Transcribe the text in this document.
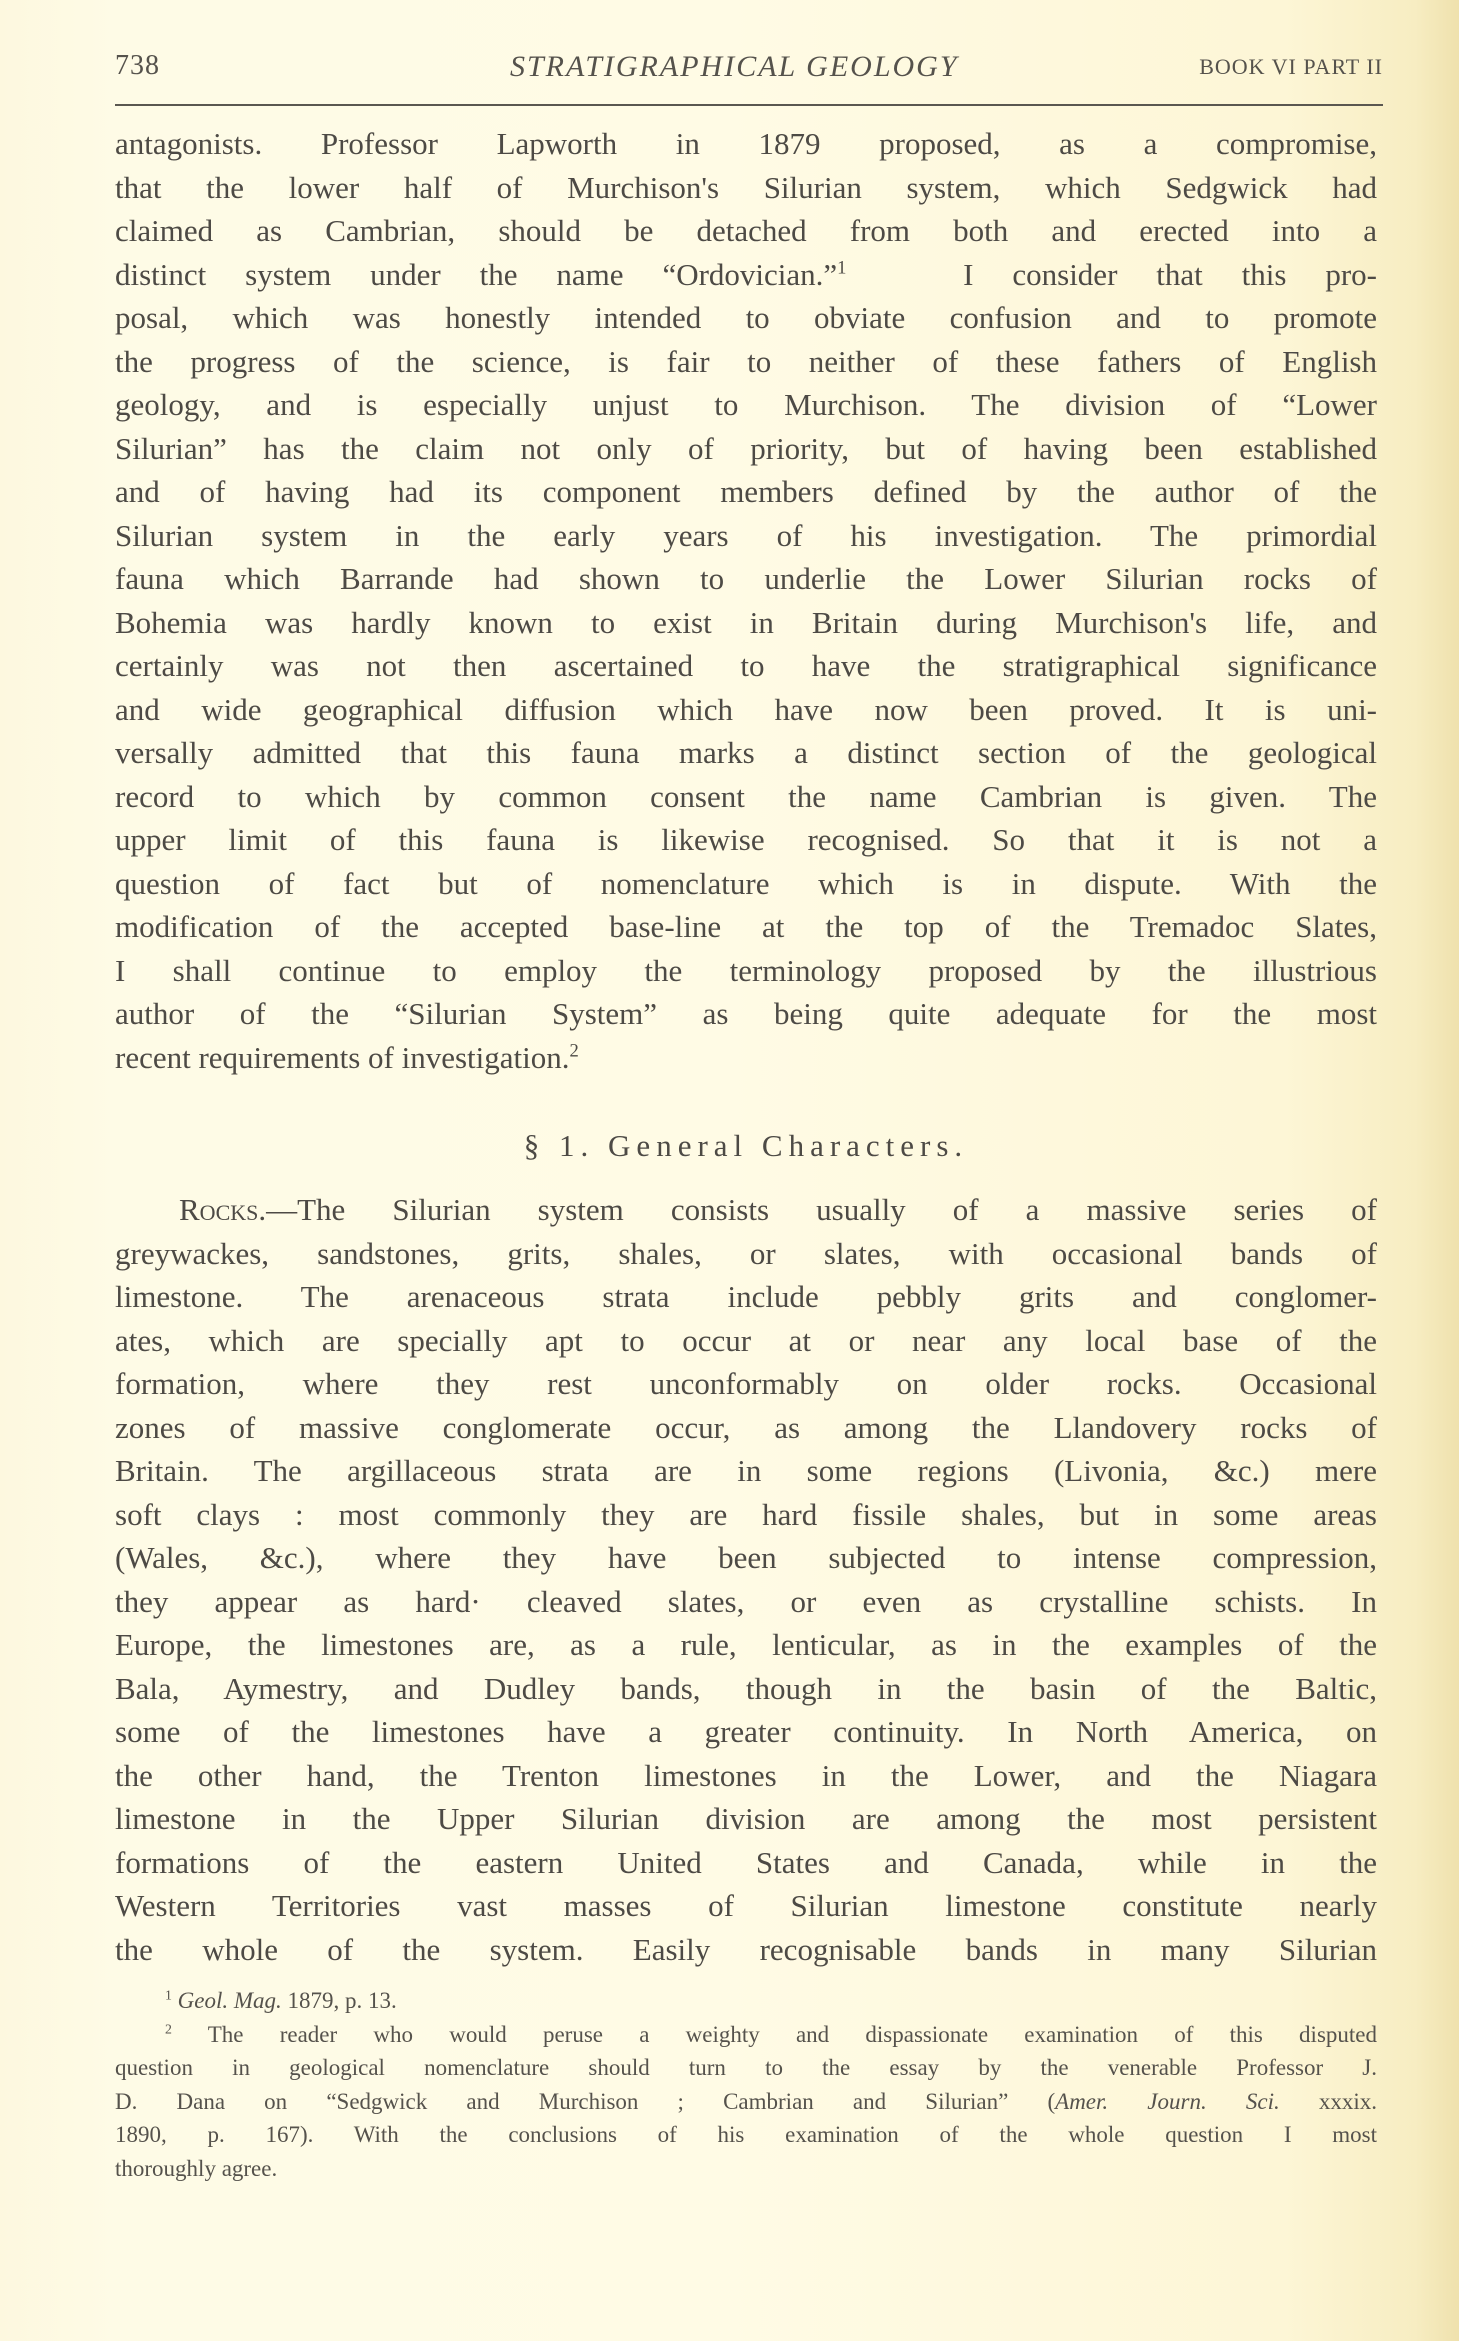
738	STRATIGRAPHICAL GEOLOGY	BOOK VI PART II
antagonists. Professor Lapworth in 1879 proposed, as a compromise,
that the lower half of Murchison's Silurian system, which Sedgwick had
claimed as Cambrian, should be detached from both and erected into a
distinct system under the name “Ordovician.”$^1$	I consider that this pro-
posal, which was honestly intended to obviate confusion and to promote
the progress of the science, is fair to neither of these fathers of English
geology, and is especially unjust to Murchison. The division of “Lower
Silurian” has the claim not only of priority, but of having been established
and of having had its component members defined by the author of the
Silurian system in the early years of his investigation. The primordial
fauna which Barrande had shown to underlie the Lower Silurian rocks of
Bohemia was hardly known to exist in Britain during Murchison's life, and
certainly was not then ascertained to have the stratigraphical significance
and wide geographical diffusion which have now been proved. It is uni-
versally admitted that this fauna marks a distinct section of the geological
record to which by common consent the name Cambrian is given. The
upper limit of this fauna is likewise recognised. So that it is not a
question of fact but of nomenclature which is in dispute. With the
modification of the accepted base-line at the top of the Tremadoc Slates,
I shall continue to employ the terminology proposed by the illustrious
author of the “Silurian System” as being quite adequate for the most
recent requirements of investigation.$^2$
§ 1. General Characters.
Rocks.—The Silurian system consists usually of a massive series of
greywackes, sandstones, grits, shales, or slates, with occasional bands of
limestone. The arenaceous strata include pebbly grits and conglomer-
ates, which are specially apt to occur at or near any local base of the
formation, where they rest unconformably on older rocks. Occasional
zones of massive conglomerate occur, as among the Llandovery rocks of
Britain. The argillaceous strata are in some regions (Livonia, &c.) mere
soft clays : most commonly they are hard fissile shales, but in some areas
(Wales, &c.), where they have been subjected to intense compression,
they appear as hard· cleaved slates, or even as crystalline schists. In
Europe, the limestones are, as a rule, lenticular, as in the examples of the
Bala, Aymestry, and Dudley bands, though in the basin of the Baltic,
some of the limestones have a greater continuity. In North America, on
the other hand, the Trenton limestones in the Lower, and the Niagara
limestone in the Upper Silurian division are among the most persistent
formations of the eastern United States and Canada, while in the
Western Territories vast masses of Silurian limestone constitute nearly
the whole of the system. Easily recognisable bands in many Silurian
$^1$ Geol. Mag. 1879, p. 13.
$^2$ The reader who would peruse a weighty and dispassionate examination of this disputed
question in geological nomenclature should turn to the essay by the venerable Professor J.
D. Dana on “Sedgwick and Murchison ; Cambrian and Silurian” (Amer. Journ. Sci. xxxix.
1890, p. 167). With the conclusions of his examination of the whole question I most
thoroughly agree.
